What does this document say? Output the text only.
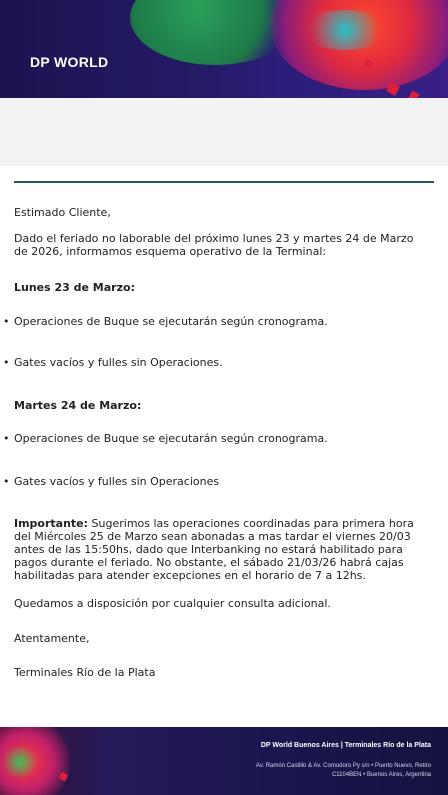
DP WORLD

Estimado Cliente,

Dado el feriado no laborable del próximo lunes 23 y martes 24 de Marzo de 2026, informamos esquema operativo de la Terminal:

Lunes 23 de Marzo:

• Operaciones de Buque se ejecutarán según cronograma.
• Gates vacíos y fulles sin Operaciones.

Martes 24 de Marzo:

• Operaciones de Buque se ejecutarán según cronograma.
• Gates vacíos y fulles sin Operaciones

Importante: Sugerimos las operaciones coordinadas para primera hora del Miércoles 25 de Marzo sean abonadas a mas tardar el viernes 20/03 antes de las 15:50hs, dado que Interbanking no estará habilitado para pagos durante el feriado. No obstante, el sábado 21/03/26 habrá cajas habilitadas para atender excepciones en el horario de 7 a 12hs.

Quedamos a disposición por cualquier consulta adicional.

Atentamente,

Terminales Río de la Plata

DP World Buenos Aires | Terminales Río de la Plata
Av. Ramón Castillo & Av. Comodoro Py s/n • Puerto Nuevo, Retiro
C1104BEN • Buenos Aires, Argentina
